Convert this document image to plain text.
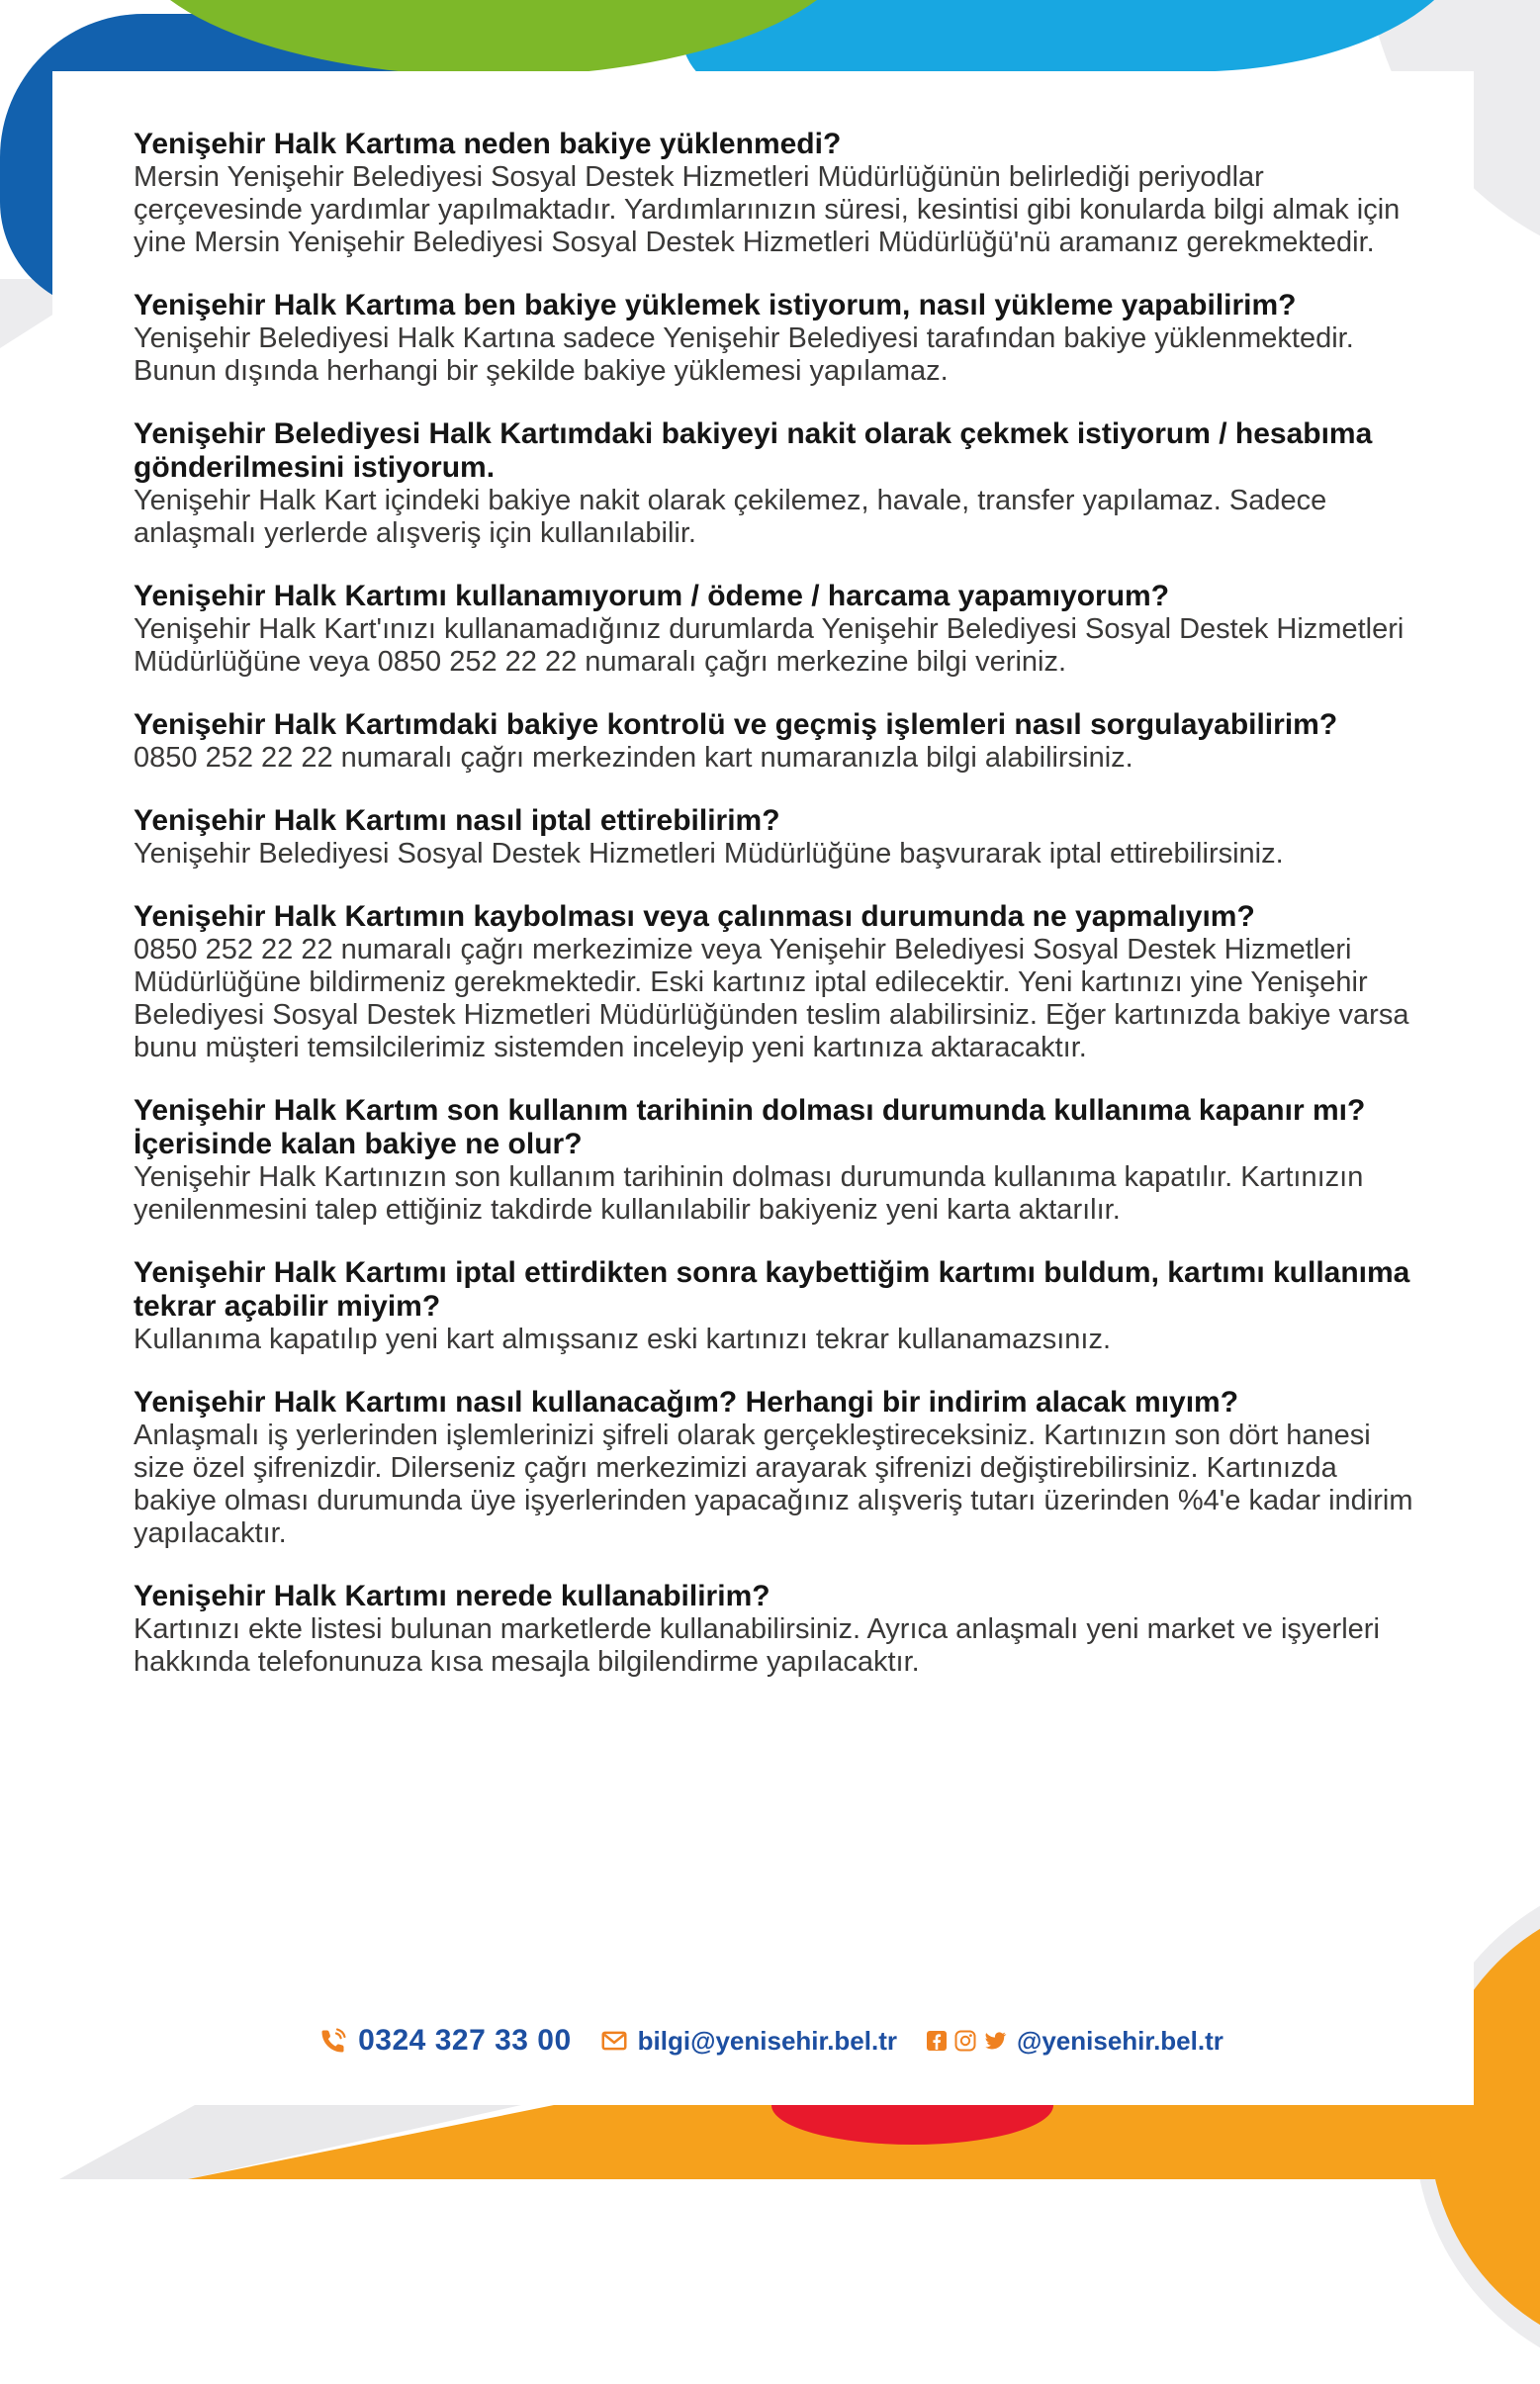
Yenişehir Halk Kartıma neden bakiye yüklenmedi?

Mersin Yenişehir Belediyesi Sosyal Destek Hizmetleri Müdürlüğünün belirlediği periyodlar çerçevesinde yardımlar yapılmaktadır. Yardımlarınızın süresi, kesintisi gibi konularda bilgi almak için yine Mersin Yenişehir Belediyesi Sosyal Destek Hizmetleri Müdürlüğü'nü aramanız gerekmektedir.

Yenişehir Halk Kartıma ben bakiye yüklemek istiyorum, nasıl yükleme yapabilirim?

Yenişehir Belediyesi Halk Kartına sadece Yenişehir Belediyesi tarafından bakiye yüklenmektedir. Bunun dışında herhangi bir şekilde bakiye yüklemesi yapılamaz.

Yenişehir Belediyesi Halk Kartımdaki bakiyeyi nakit olarak çekmek istiyorum / hesabıma gönderilmesini istiyorum.

Yenişehir Halk Kart içindeki bakiye nakit olarak çekilemez, havale, transfer yapılamaz. Sadece anlaşmalı yerlerde alışveriş için kullanılabilir.

Yenişehir Halk Kartımı kullanamıyorum / ödeme / harcama yapamıyorum?

Yenişehir Halk Kart'ınızı kullanamadığınız durumlarda Yenişehir Belediyesi Sosyal Destek Hizmetleri Müdürlüğüne veya 0850 252 22 22 numaralı çağrı merkezine bilgi veriniz.

Yenişehir Halk Kartımdaki bakiye kontrolü ve geçmiş işlemleri nasıl sorgulayabilirim?

0850 252 22 22 numaralı çağrı merkezinden kart numaranızla bilgi alabilirsiniz.

Yenişehir Halk Kartımı nasıl iptal ettirebilirim?

Yenişehir Belediyesi Sosyal Destek Hizmetleri Müdürlüğüne başvurarak iptal ettirebilirsiniz.

Yenişehir Halk Kartımın kaybolması veya çalınması durumunda ne yapmalıyım?

0850 252 22 22 numaralı çağrı merkezimize veya Yenişehir Belediyesi Sosyal Destek Hizmetleri Müdürlüğüne bildirmeniz gerekmektedir. Eski kartınız iptal edilecektir. Yeni kartınızı yine Yenişehir Belediyesi Sosyal Destek Hizmetleri Müdürlüğünden teslim alabilirsiniz. Eğer kartınızda bakiye varsa bunu müşteri temsilcilerimiz sistemden inceleyip yeni kartınıza aktaracaktır.

Yenişehir Halk Kartım son kullanım tarihinin dolması durumunda kullanıma kapanır mı? İçerisinde kalan bakiye ne olur?

Yenişehir Halk Kartınızın son kullanım tarihinin dolması durumunda kullanıma kapatılır. Kartınızın yenilenmesini talep ettiğiniz takdirde kullanılabilir bakiyeniz yeni karta aktarılır.

Yenişehir Halk Kartımı iptal ettirdikten sonra kaybettiğim kartımı buldum, kartımı kullanıma tekrar açabilir miyim?

Kullanıma kapatılıp yeni kart almışsanız eski kartınızı tekrar kullanamazsınız.

Yenişehir Halk Kartımı nasıl kullanacağım? Herhangi bir indirim alacak mıyım?

Anlaşmalı iş yerlerinden işlemlerinizi şifreli olarak gerçekleştireceksiniz. Kartınızın son dört hanesi size özel şifrenizdir. Dilerseniz çağrı merkezimizi arayarak şifrenizi değiştirebilirsiniz. Kartınızda bakiye olması durumunda üye işyerlerinden yapacağınız alışveriş tutarı üzerinden %4'e kadar indirim yapılacaktır.

Yenişehir Halk Kartımı nerede kullanabilirim?

Kartınızı ekte listesi bulunan marketlerde kullanabilirsiniz. Ayrıca anlaşmalı yeni market ve işyerleri hakkında telefonunuza kısa mesajla bilgilendirme yapılacaktır.

0324 327 33 00	bilgi@yenisehir.bel.tr	@yenisehir.bel.tr
